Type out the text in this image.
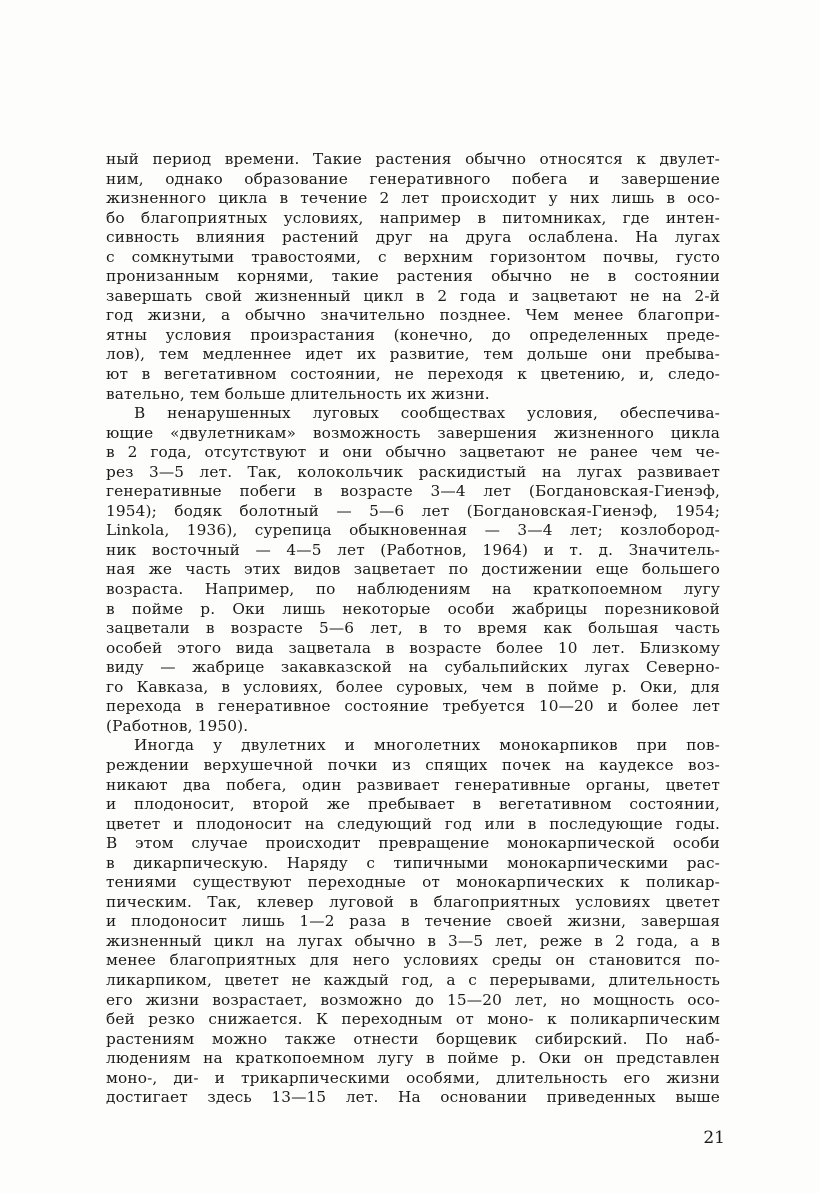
ный период времени. Такие растения обычно относятся к двулет-
ним, однако образование генеративного побега и завершение
жизненного цикла в течение 2 лет происходит у них лишь в осо-
бо благоприятных условиях, например в питомниках, где интен-
сивность влияния растений друг на друга ослаблена. На лугах
с сомкнутыми травостоями, с верхним горизонтом почвы, густо
пронизанным корнями, такие растения обычно не в состоянии
завершать свой жизненный цикл в 2 года и зацветают не на 2-й
год жизни, а обычно значительно позднее. Чем менее благопри-
ятны условия произрастания (конечно, до определенных преде-
лов), тем медленнее идет их развитие, тем дольше они пребыва-
ют в вегетативном состоянии, не переходя к цветению, и, следо-
вательно, тем больше длительность их жизни.
В ненарушенных луговых сообществах условия, обеспечива-
ющие «двулетникам» возможность завершения жизненного цикла
в 2 года, отсутствуют и они обычно зацветают не ранее чем че-
рез 3—5 лет. Так, колокольчик раскидистый на лугах развивает
генеративные побеги в возрасте 3—4 лет (Богдановская-Гиенэф,
1954); бодяк болотный — 5—6 лет (Богдановская-Гиенэф, 1954;
Linkola, 1936), сурепица обыкновенная — 3—4 лет; козлобород-
ник восточный — 4—5 лет (Работнов, 1964) и т. д. Значитель-
ная же часть этих видов зацветает по достижении еще большего
возраста. Например, по наблюдениям на краткопоемном лугу
в пойме р. Оки лишь некоторые особи жабрицы порезниковой
зацветали в возрасте 5—6 лет, в то время как большая часть
особей этого вида зацветала в возрасте более 10 лет. Близкому
виду — жабрице закавказской на субальпийских лугах Северно-
го Кавказа, в условиях, более суровых, чем в пойме р. Оки, для
перехода в генеративное состояние требуется 10—20 и более лет
(Работнов, 1950).
Иногда у двулетних и многолетних монокарпиков при пов-
реждении верхушечной почки из спящих почек на каудексе воз-
никают два побега, один развивает генеративные органы, цветет
и плодоносит, второй же пребывает в вегетативном состоянии,
цветет и плодоносит на следующий год или в последующие годы.
В этом случае происходит превращение монокарпической особи
в дикарпическую. Наряду с типичными монокарпическими рас-
тениями существуют переходные от монокарпических к поликар-
пическим. Так, клевер луговой в благоприятных условиях цветет
и плодоносит лишь 1—2 раза в течение своей жизни, завершая
жизненный цикл на лугах обычно в 3—5 лет, реже в 2 года, а в
менее благоприятных для него условиях среды он становится по-
ликарпиком, цветет не каждый год, а с перерывами, длительность
его жизни возрастает, возможно до 15—20 лет, но мощность осо-
бей резко снижается. К переходным от моно- к поликарпическим
растениям можно также отнести борщевик сибирский. По наб-
людениям на краткопоемном лугу в пойме р. Оки он представлен
моно-, ди- и трикарпическими особями, длительность его жизни
достигает здесь 13—15 лет. На основании приведенных выше
21
